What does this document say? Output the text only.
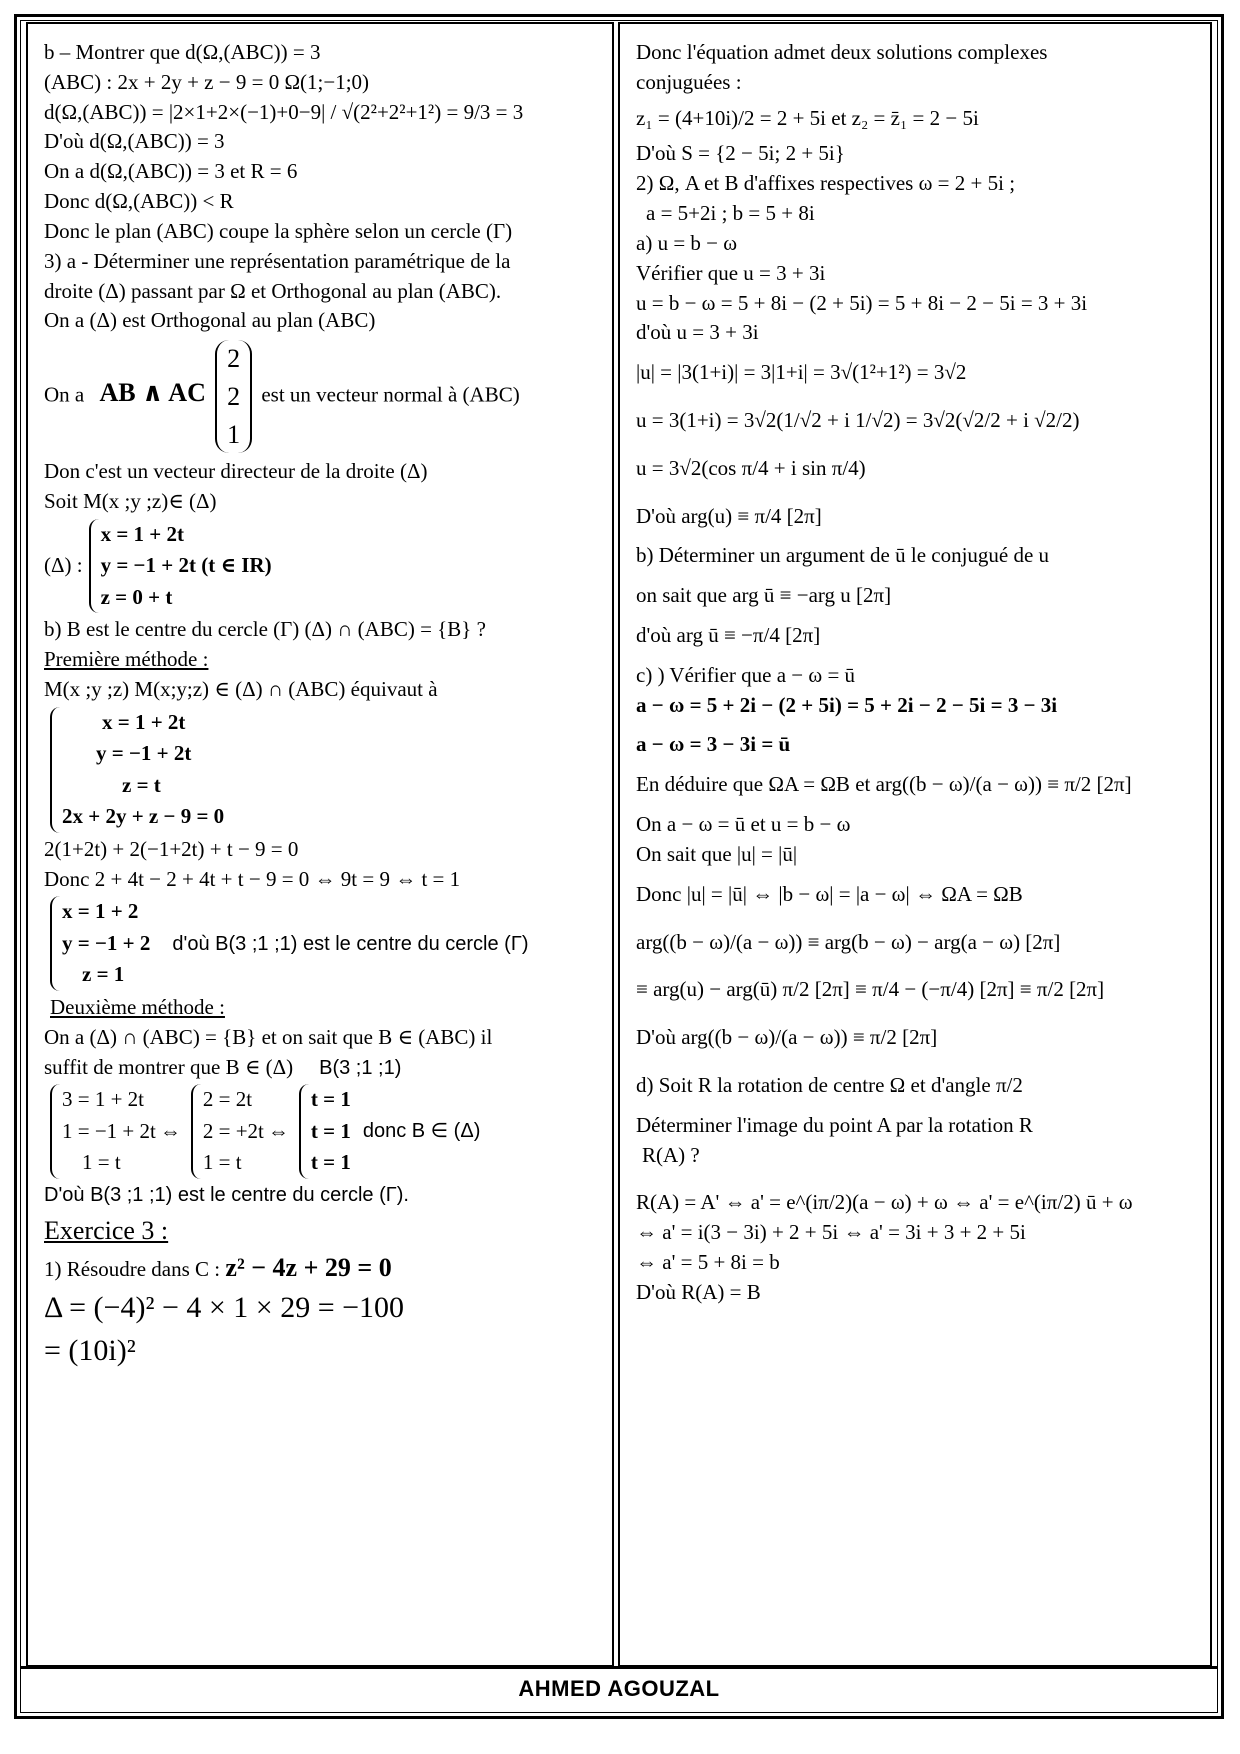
b – Montrer que d(Ω,(ABC)) = 3
(ABC) : 2x + 2y + z − 9 = 0 Ω(1;−1;0)
d(Ω,(ABC)) = |2×1+2×(−1)+0−9| / √(2²+2²+1²) = 9/3 = 3
D'où d(Ω,(ABC)) = 3
On a d(Ω,(ABC)) = 3 et R = 6
Donc d(Ω,(ABC)) < R
Donc le plan (ABC) coupe la sphère selon un cercle (Γ)
3) a - Déterminer une représentation paramétrique de la
droite (Δ) passant par Ω et Orthogonal au plan (ABC).
On a (Δ) est Orthogonal au plan (ABC)
On a AB ∧ AC
2
2
1
est un vecteur normal à (ABC)
Don c'est un vecteur directeur de la droite (Δ)
Soit M(x ;y ;z)∈ (Δ)
(Δ) :
x = 1 + 2t
y = −1 + 2t (t ∈ IR)
z = 0 + t
b) B est le centre du cercle (Γ) (Δ) ∩ (ABC) = {B} ?
Première méthode :
M(x ;y ;z) M(x;y;z) ∈ (Δ) ∩ (ABC) équivaut à
x = 1 + 2t
y = −1 + 2t
z = t
2x + 2y + z − 9 = 0
2(1+2t) + 2(−1+2t) + t − 9 = 0
Donc 2 + 4t − 2 + 4t + t − 9 = 0 ⇔ 9t = 9 ⇔ t = 1
x = 1 + 2
y = −1 + 2 d'où B(3 ;1 ;1) est le centre du cercle (Γ)
z = 1
Deuxième méthode :
On a (Δ) ∩ (ABC) = {B} et on sait que B ∈ (ABC) il
suffit de montrer que B ∈ (Δ) B(3 ;1 ;1)
3 = 1 + 2t
1 = −1 + 2t
1 = t
⇔
2 = 2t
2 = +2t
1 = t
⇔
t = 1
t = 1
t = 1
donc B ∈ (Δ)
D'où B(3 ;1 ;1) est le centre du cercle (Γ).
Exercice 3 :
1) Résoudre dans C : z² − 4z + 29 = 0
Δ = (−4)² − 4 × 1 × 29 = −100
= (10i)²
Donc l'équation admet deux solutions complexes
conjuguées :
z₁ = (4+10i)/2 = 2 + 5i et z₂ = z̄₁ = 2 − 5i
D'où S = {2 − 5i; 2 + 5i}
2) Ω, A et B d'affixes respectives ω = 2 + 5i ;
a = 5+2i ; b = 5 + 8i
a) u = b − ω
Vérifier que u = 3 + 3i
u = b − ω = 5 + 8i − (2 + 5i) = 5 + 8i − 2 − 5i = 3 + 3i
d'où u = 3 + 3i
|u| = |3(1+i)| = 3|1+i| = 3√(1²+1²) = 3√2
u = 3(1+i) = 3√2(1/√2 + i 1/√2) = 3√2(√2/2 + i √2/2)
u = 3√2(cos π/4 + i sin π/4)
D'où arg(u) ≡ π/4 [2π]
b) Déterminer un argument de ū le conjugué de u
on sait que arg ū ≡ −arg u [2π]
d'où arg ū ≡ −π/4 [2π]
c) ) Vérifier que a − ω = ū
a − ω = 5 + 2i − (2 + 5i) = 5 + 2i − 2 − 5i = 3 − 3i
a − ω = 3 − 3i = ū
En déduire que ΩA = ΩB et arg((b − ω)/(a − ω)) ≡ π/2 [2π]
On a − ω = ū et u = b − ω
On sait que |u| = |ū|
Donc |u| = |ū| ⇔ |b − ω| = |a − ω| ⇔ ΩA = ΩB
arg((b − ω)/(a − ω)) ≡ arg(b − ω) − arg(a − ω) [2π]
≡ arg(u) − arg(ū) π/2 [2π] ≡ π/4 − (−π/4) [2π] ≡ π/2 [2π]
D'où arg((b − ω)/(a − ω)) ≡ π/2 [2π]
d) Soit R la rotation de centre Ω et d'angle π/2
Déterminer l'image du point A par la rotation R
R(A) ?
R(A) = A' ⇔ a' = e^(iπ/2)(a − ω) + ω ⇔ a' = e^(iπ/2) ū + ω
⇔ a' = i(3 − 3i) + 2 + 5i ⇔ a' = 3i + 3 + 2 + 5i
⇔ a' = 5 + 8i = b
D'où R(A) = B
AHMED AGOUZAL
